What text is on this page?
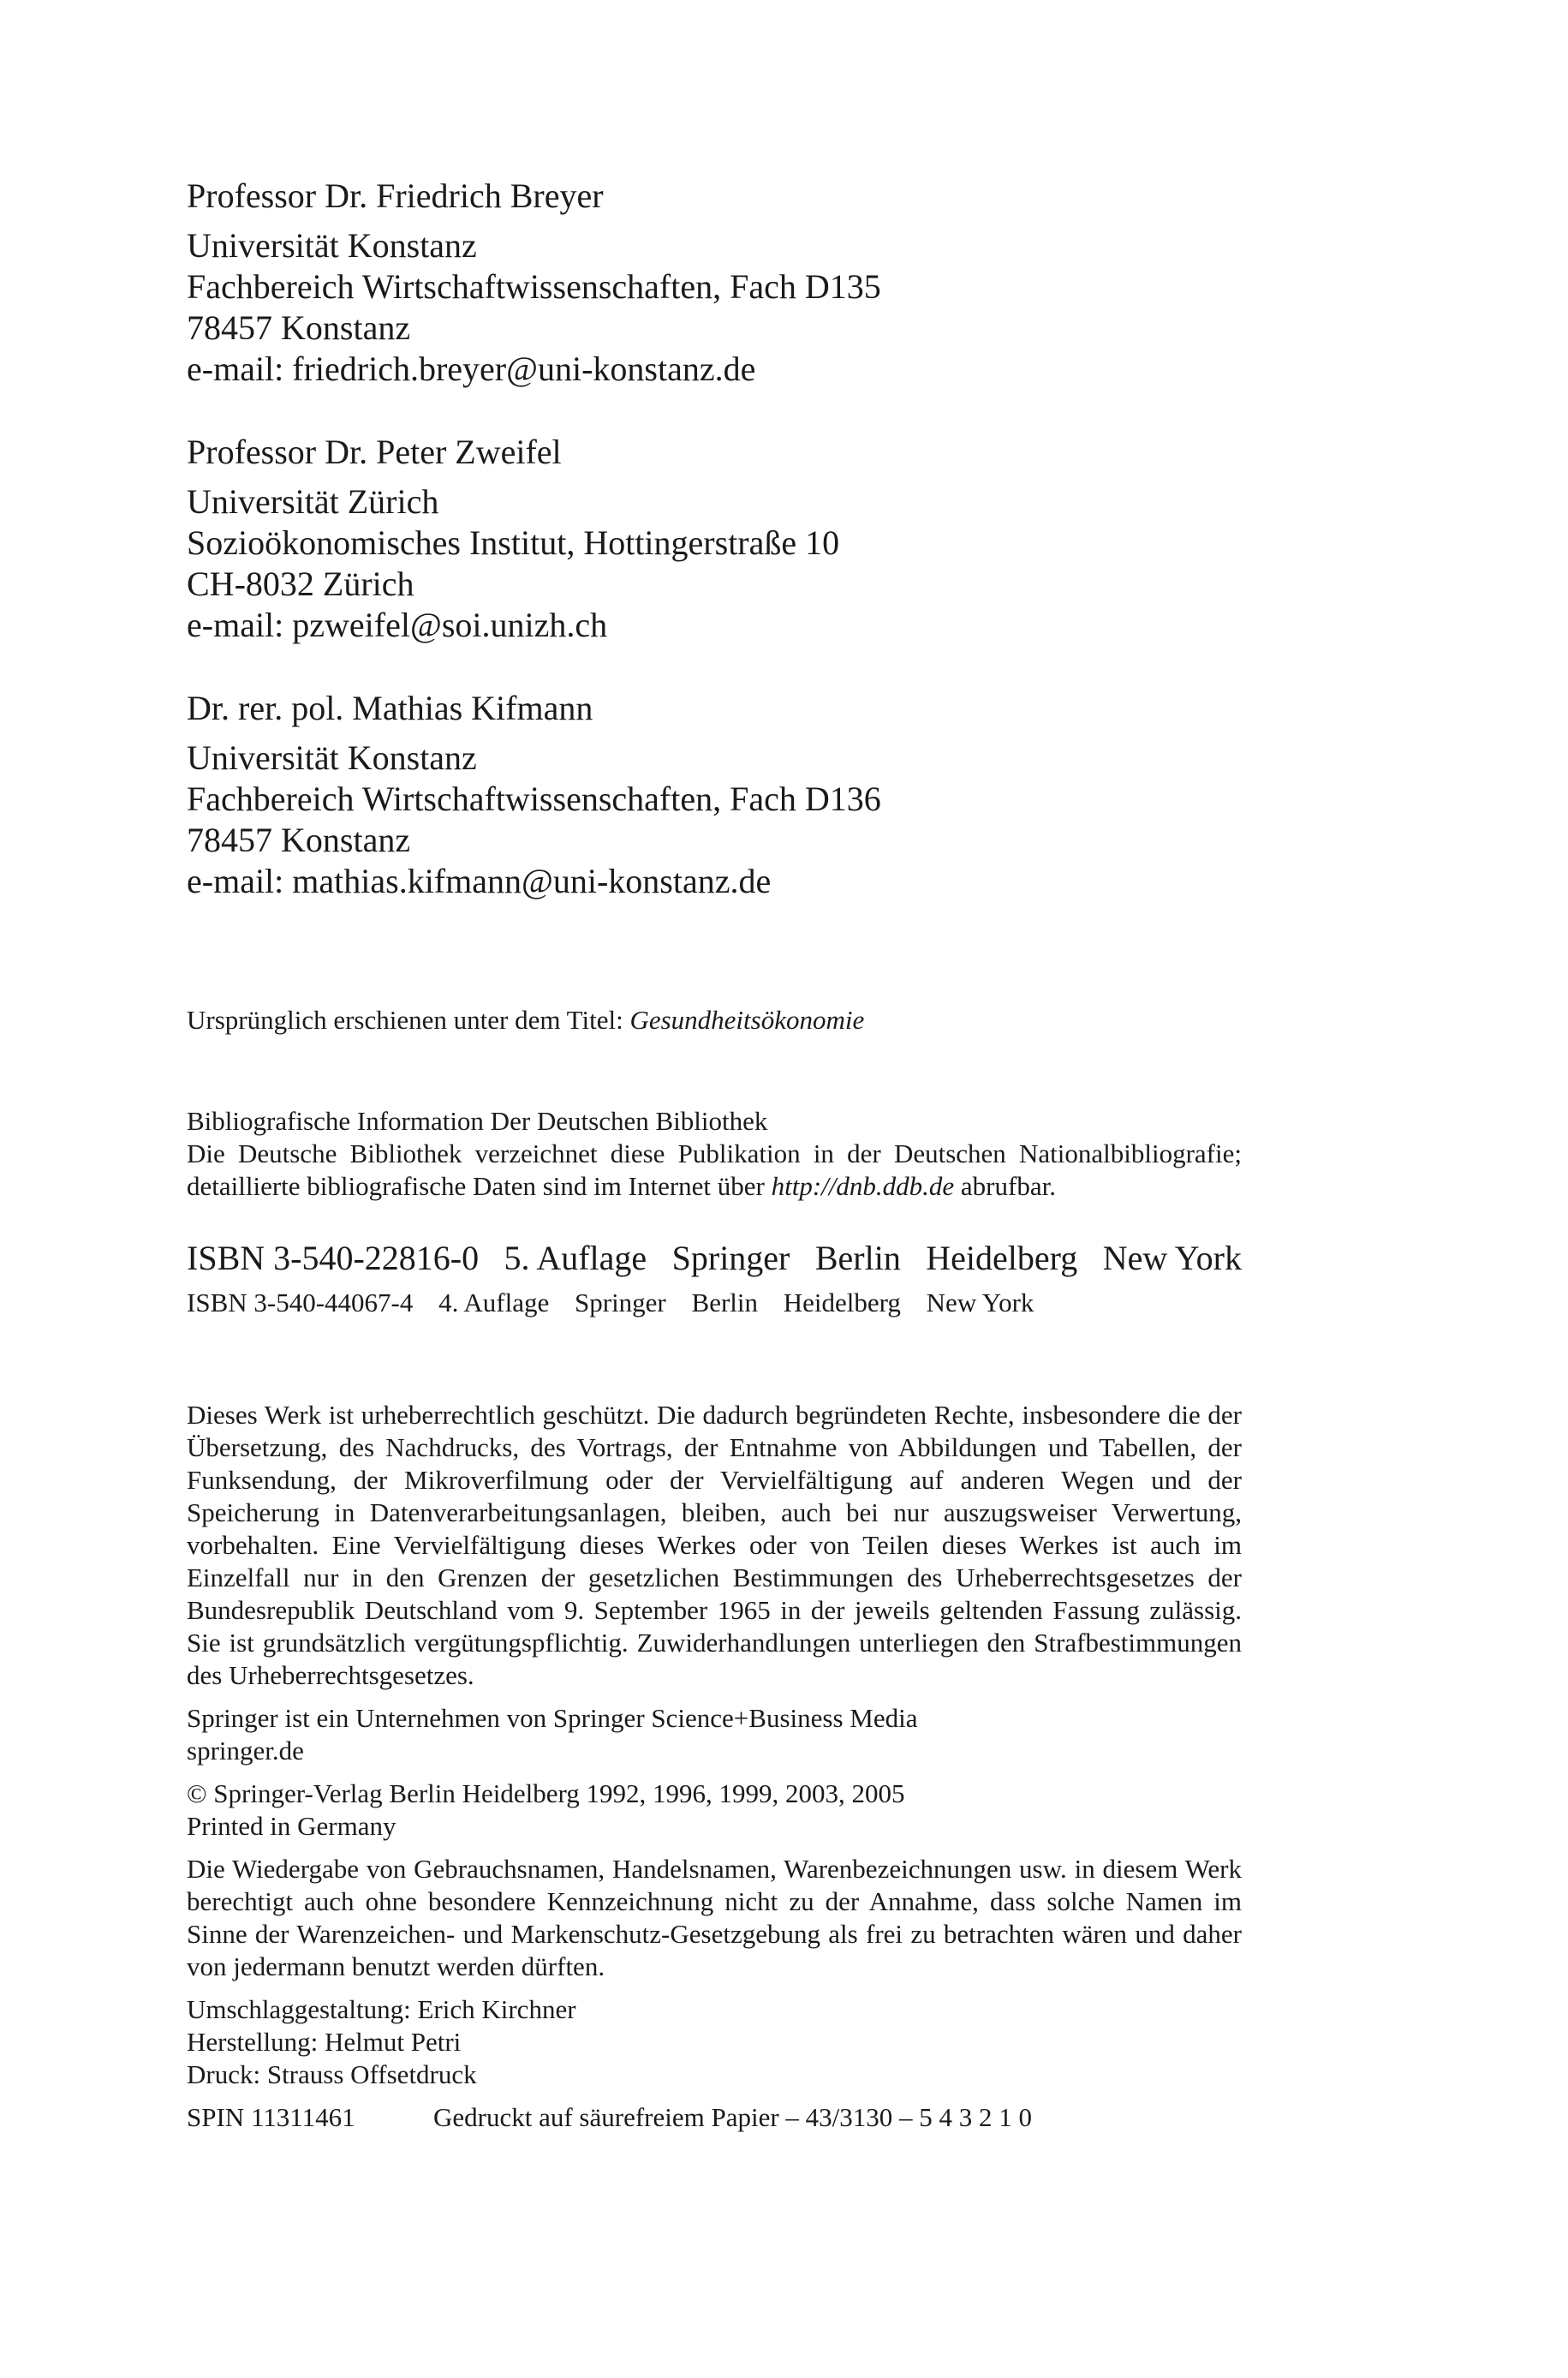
Professor Dr. Friedrich Breyer
Universität Konstanz
Fachbereich Wirtschaftwissenschaften, Fach D135
78457 Konstanz
e-mail: friedrich.breyer@uni-konstanz.de
Professor Dr. Peter Zweifel
Universität Zürich
Sozioökonomisches Institut, Hottingerstraße 10
CH-8032 Zürich
e-mail: pzweifel@soi.unizh.ch
Dr. rer. pol. Mathias Kifmann
Universität Konstanz
Fachbereich Wirtschaftwissenschaften, Fach D136
78457 Konstanz
e-mail: mathias.kifmann@uni-konstanz.de
Ursprünglich erschienen unter dem Titel: Gesundheitsökonomie
Bibliografische Information Der Deutschen Bibliothek
Die Deutsche Bibliothek verzeichnet diese Publikation in der Deutschen Nationalbibliografie; detaillierte bibliografische Daten sind im Internet über http://dnb.ddb.de abrufbar.
ISBN 3-540-22816-0 5. Auflage Springer Berlin Heidelberg New York
ISBN 3-540-44067-4 4. Auflage Springer Berlin Heidelberg New York
Dieses Werk ist urheberrechtlich geschützt. Die dadurch begründeten Rechte, insbesondere die der Übersetzung, des Nachdrucks, des Vortrags, der Entnahme von Abbildungen und Tabellen, der Funksendung, der Mikroverfilmung oder der Vervielfältigung auf anderen Wegen und der Speicherung in Datenverarbeitungsanlagen, bleiben, auch bei nur auszugsweiser Verwertung, vorbehalten. Eine Vervielfältigung dieses Werkes oder von Teilen dieses Werkes ist auch im Einzelfall nur in den Grenzen der gesetzlichen Bestimmungen des Urheberrechtsgesetzes der Bundesrepublik Deutschland vom 9. September 1965 in der jeweils geltenden Fassung zulässig. Sie ist grundsätzlich vergütungspflichtig. Zuwiderhandlungen unterliegen den Strafbestimmungen des Urheberrechtsgesetzes.
Springer ist ein Unternehmen von Springer Science+Business Media
springer.de
© Springer-Verlag Berlin Heidelberg 1992, 1996, 1999, 2003, 2005
Printed in Germany
Die Wiedergabe von Gebrauchsnamen, Handelsnamen, Warenbezeichnungen usw. in diesem Werk berechtigt auch ohne besondere Kennzeichnung nicht zu der Annahme, dass solche Namen im Sinne der Warenzeichen- und Markenschutz-Gesetzgebung als frei zu betrachten wären und daher von jedermann benutzt werden dürften.
Umschlaggestaltung: Erich Kirchner
Herstellung: Helmut Petri
Druck: Strauss Offsetdruck
SPIN 11311461	Gedruckt auf säurefreiem Papier – 43/3130 – 5 4 3 2 1 0
